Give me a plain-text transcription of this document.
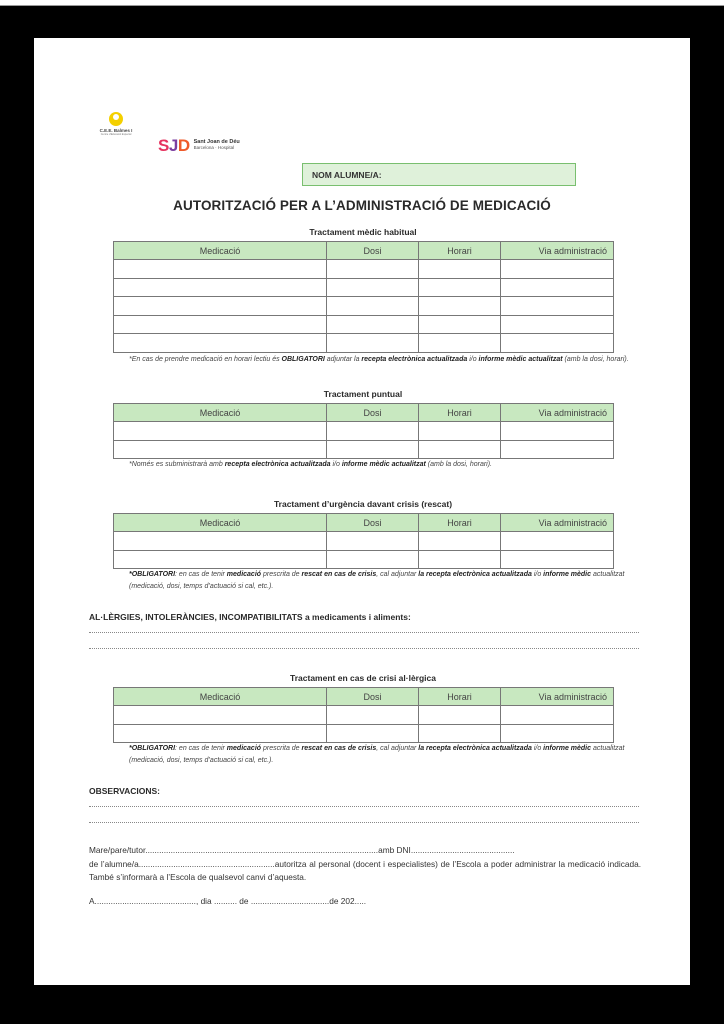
C.E.E. Balmes I
Centre d'Educació Especial
SJD Sant Joan de Déu
Barcelona · Hospital
NOM ALUMNE/A:
AUTORITZACIÓ PER A L’ADMINISTRACIÓ DE MEDICACIÓ
Tractament mèdic habitual
Medicació	Dosi	Horari	Via administració

*En cas de prendre medicació en horari lectiu és OBLIGATORI adjuntar la recepta electrònica actualitzada i/o informe mèdic actualitzat (amb la dosi, horari).
Tractament puntual
Medicació	Dosi	Horari	Via administració

*Només es subministrarà amb recepta electrònica actualitzada i/o informe mèdic actualitzat (amb la dosi, horari).
Tractament d’urgència davant crisis (rescat)
Medicació	Dosi	Horari	Via administració

*OBLIGATORI: en cas de tenir medicació prescrita de rescat en cas de crisis, cal adjuntar la recepta electrònica actualitzada i/o informe mèdic actualitzat (medicació, dosi, temps d’actuació si cal, etc.).
AL·LÈRGIES, INTOLERÀNCIES, INCOMPATIBILITATS a medicaments i aliments:
Tractament en cas de crisi al·lèrgica
Medicació	Dosi	Horari	Via administració

*OBLIGATORI: en cas de tenir medicació prescrita de rescat en cas de crisis, cal adjuntar la recepta electrònica actualitzada i/o informe mèdic actualitzat (medicació, dosi, temps d’actuació si cal, etc.).
OBSERVACIONS:
Mare/pare/tutor.....................................................................................................amb DNI.............................................
de l’alumne/a...........................................................autoritza al personal (docent i especialistes) de l’Escola a poder administrar la medicació indicada. També s’informarà a l’Escola de qualsevol canvi d’aquesta.
A............................................, dia .......... de ..................................de 202.....
